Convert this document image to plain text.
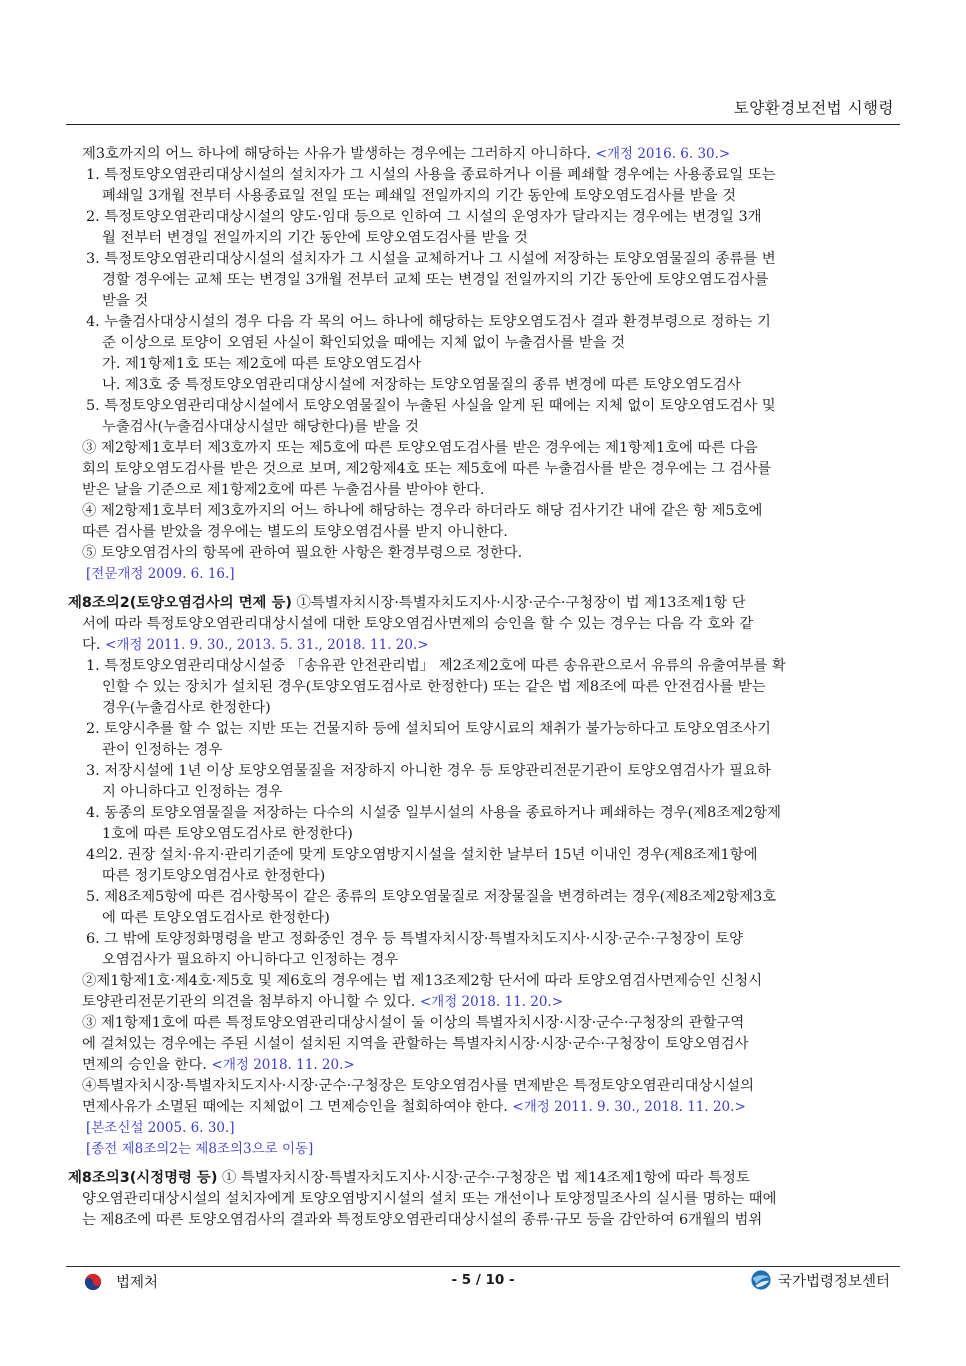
토양환경보전법 시행령
제3호까지의 어느 하나에 해당하는 사유가 발생하는 경우에는 그러하지 아니하다. <개정 2016. 6. 30.>
1. 특정토양오염관리대상시설의 설치자가 그 시설의 사용을 종료하거나 이를 폐쇄할 경우에는 사용종료일 또는
폐쇄일 3개월 전부터 사용종료일 전일 또는 폐쇄일 전일까지의 기간 동안에 토양오염도검사를 받을 것
2. 특정토양오염관리대상시설의 양도·임대 등으로 인하여 그 시설의 운영자가 달라지는 경우에는 변경일 3개
월 전부터 변경일 전일까지의 기간 동안에 토양오염도검사를 받을 것
3. 특정토양오염관리대상시설의 설치자가 그 시설을 교체하거나 그 시설에 저장하는 토양오염물질의 종류를 변
경할 경우에는 교체 또는 변경일 3개월 전부터 교체 또는 변경일 전일까지의 기간 동안에 토양오염도검사를
받을 것
4. 누출검사대상시설의 경우 다음 각 목의 어느 하나에 해당하는 토양오염도검사 결과 환경부령으로 정하는 기
준 이상으로 토양이 오염된 사실이 확인되었을 때에는 지체 없이 누출검사를 받을 것
가. 제1항제1호 또는 제2호에 따른 토양오염도검사
나. 제3호 중 특정토양오염관리대상시설에 저장하는 토양오염물질의 종류 변경에 따른 토양오염도검사
5. 특정토양오염관리대상시설에서 토양오염물질이 누출된 사실을 알게 된 때에는 지체 없이 토양오염도검사 및
누출검사(누출검사대상시설만 해당한다)를 받을 것
③ 제2항제1호부터 제3호까지 또는 제5호에 따른 토양오염도검사를 받은 경우에는 제1항제1호에 따른 다음
회의 토양오염도검사를 받은 것으로 보며, 제2항제4호 또는 제5호에 따른 누출검사를 받은 경우에는 그 검사를
받은 날을 기준으로 제1항제2호에 따른 누출검사를 받아야 한다.
④ 제2항제1호부터 제3호까지의 어느 하나에 해당하는 경우라 하더라도 해당 검사기간 내에 같은 항 제5호에
따른 검사를 받았을 경우에는 별도의 토양오염검사를 받지 아니한다.
⑤ 토양오염검사의 항목에 관하여 필요한 사항은 환경부령으로 정한다.
[전문개정 2009. 6. 16.]
제8조의2(토양오염검사의 면제 등) ①특별자치시장·특별자치도지사·시장·군수·구청장이 법 제13조제1항 단
서에 따라 특정토양오염관리대상시설에 대한 토양오염검사면제의 승인을 할 수 있는 경우는 다음 각 호와 같
다. <개정 2011. 9. 30., 2013. 5. 31., 2018. 11. 20.>
1. 특정토양오염관리대상시설중 「송유관 안전관리법」 제2조제2호에 따른 송유관으로서 유류의 유출여부를 확
인할 수 있는 장치가 설치된 경우(토양오염도검사로 한정한다) 또는 같은 법 제8조에 따른 안전검사를 받는
경우(누출검사로 한정한다)
2. 토양시추를 할 수 없는 지반 또는 건물지하 등에 설치되어 토양시료의 채취가 불가능하다고 토양오염조사기
관이 인정하는 경우
3. 저장시설에 1년 이상 토양오염물질을 저장하지 아니한 경우 등 토양관리전문기관이 토양오염검사가 필요하
지 아니하다고 인정하는 경우
4. 동종의 토양오염물질을 저장하는 다수의 시설중 일부시설의 사용을 종료하거나 폐쇄하는 경우(제8조제2항제
1호에 따른 토양오염도검사로 한정한다)
4의2. 권장 설치·유지·관리기준에 맞게 토양오염방지시설을 설치한 날부터 15년 이내인 경우(제8조제1항에
따른 정기토양오염검사로 한정한다)
5. 제8조제5항에 따른 검사항목이 같은 종류의 토양오염물질로 저장물질을 변경하려는 경우(제8조제2항제3호
에 따른 토양오염도검사로 한정한다)
6. 그 밖에 토양정화명령을 받고 정화중인 경우 등 특별자치시장·특별자치도지사·시장·군수·구청장이 토양
오염검사가 필요하지 아니하다고 인정하는 경우
②제1항제1호·제4호·제5호 및 제6호의 경우에는 법 제13조제2항 단서에 따라 토양오염검사면제승인 신청시
토양관리전문기관의 의견을 첨부하지 아니할 수 있다. <개정 2018. 11. 20.>
③ 제1항제1호에 따른 특정토양오염관리대상시설이 둘 이상의 특별자치시장·시장·군수·구청장의 관할구역
에 걸쳐있는 경우에는 주된 시설이 설치된 지역을 관할하는 특별자치시장·시장·군수·구청장이 토양오염검사
면제의 승인을 한다. <개정 2018. 11. 20.>
④특별자치시장·특별자치도지사·시장·군수·구청장은 토양오염검사를 면제받은 특정토양오염관리대상시설의
면제사유가 소멸된 때에는 지체없이 그 면제승인을 철회하여야 한다. <개정 2011. 9. 30., 2018. 11. 20.>
[본조신설 2005. 6. 30.]
[종전 제8조의2는 제8조의3으로 이동]
제8조의3(시정명령 등) ① 특별자치시장·특별자치도지사·시장·군수·구청장은 법 제14조제1항에 따라 특정토
양오염관리대상시설의 설치자에게 토양오염방지시설의 설치 또는 개선이나 토양정밀조사의 실시를 명하는 때에
는 제8조에 따른 토양오염검사의 결과와 특정토양오염관리대상시설의 종류·규모 등을 감안하여 6개월의 범위
법제처	- 5 / 10 -	국가법령정보센터
